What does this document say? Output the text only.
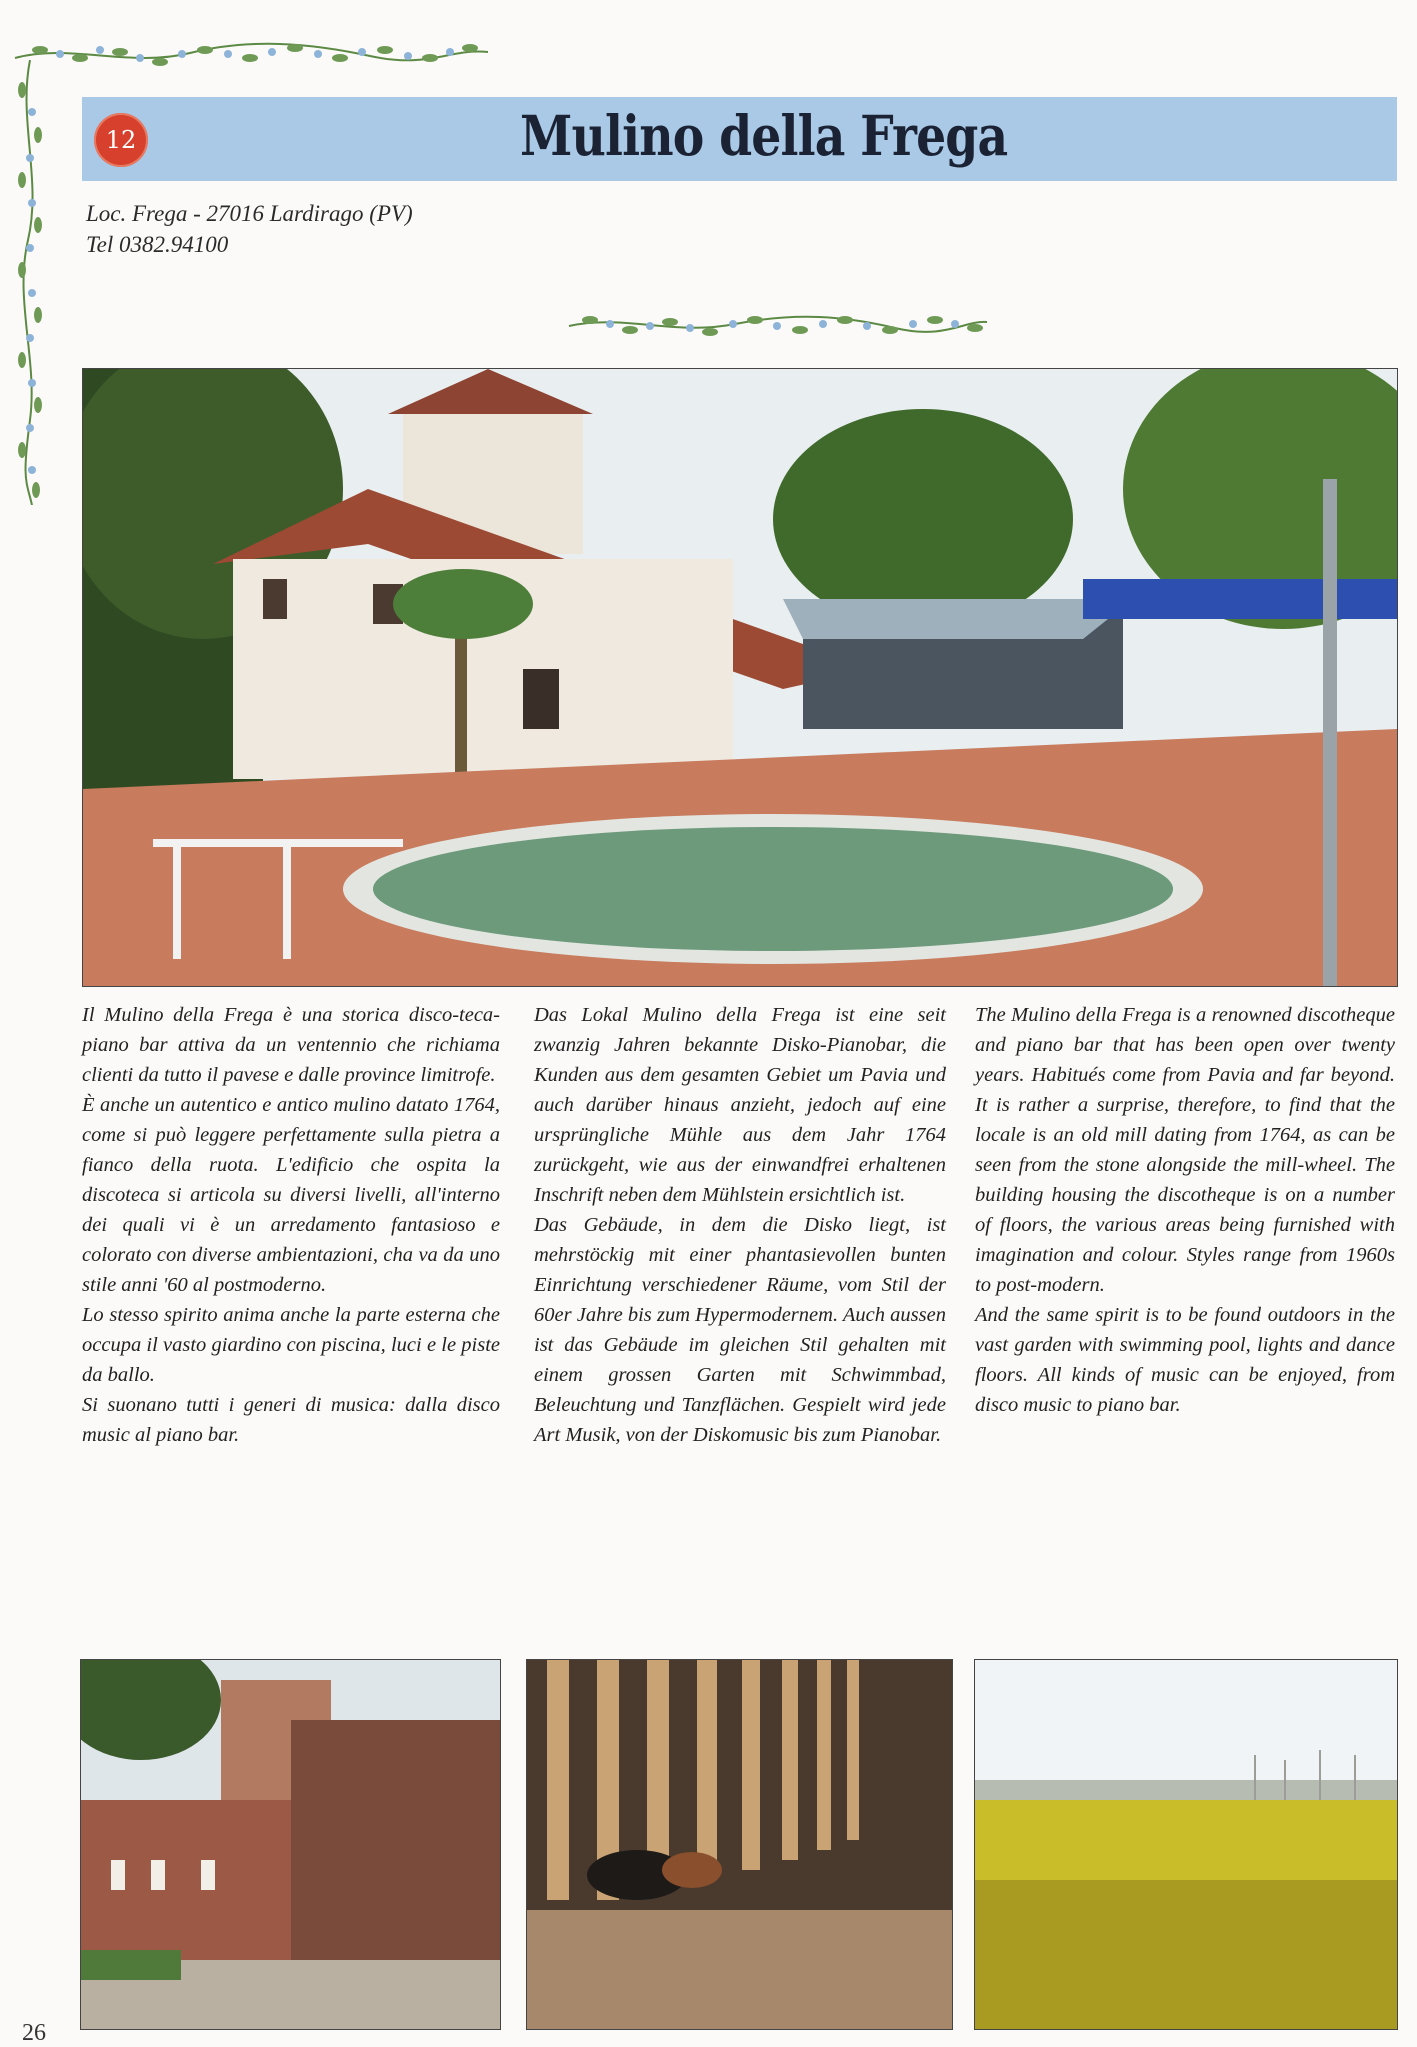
12	Mulino della Frega
Loc. Frega - 27016 Lardirago (PV)
Tel 0382.94100

Il Mulino della Frega è una storica disco-teca-piano bar attiva da un ventennio che richiama clienti da tutto il pavese e dalle province limitrofe.

È anche un autentico e antico mulino datato 1764, come si può leggere perfettamente sulla pietra a fianco della ruota. L'edificio che ospita la discoteca si articola su diversi livelli, all'interno dei quali vi è un arredamento fantasioso e colorato con diverse ambientazioni, cha va da uno stile anni '60 al postmoderno.

Lo stesso spirito anima anche la parte esterna che occupa il vasto giardino con piscina, luci e le piste da ballo.

Si suonano tutti i generi di musica: dalla disco music al piano bar.

Das Lokal Mulino della Frega ist eine seit zwanzig Jahren bekannte Disko-Pianobar, die Kunden aus dem gesamten Gebiet um Pavia und auch darüber hinaus anzieht, jedoch auf eine ursprüngliche Mühle aus dem Jahr 1764 zurückgeht, wie aus der einwandfrei erhaltenen Inschrift neben dem Mühlstein ersichtlich ist.

Das Gebäude, in dem die Disko liegt, ist mehrstöckig mit einer phantasievollen bunten Einrichtung verschiedener Räume, vom Stil der 60er Jahre bis zum Hypermodernem. Auch aussen ist das Gebäude im gleichen Stil gehalten mit einem grossen Garten mit Schwimmbad, Beleuchtung und Tanzflächen. Gespielt wird jede Art Musik, von der Diskomusic bis zum Pianobar.

The Mulino della Frega is a renowned discotheque and piano bar that has been open over twenty years. Habitués come from Pavia and far beyond. It is rather a surprise, therefore, to find that the locale is an old mill dating from 1764, as can be seen from the stone alongside the mill-wheel. The building housing the discotheque is on a number of floors, the various areas being furnished with imagination and colour. Styles range from 1960s to post-modern.

And the same spirit is to be found outdoors in the vast garden with swimming pool, lights and dance floors. All kinds of music can be enjoyed, from disco music to piano bar.

26
